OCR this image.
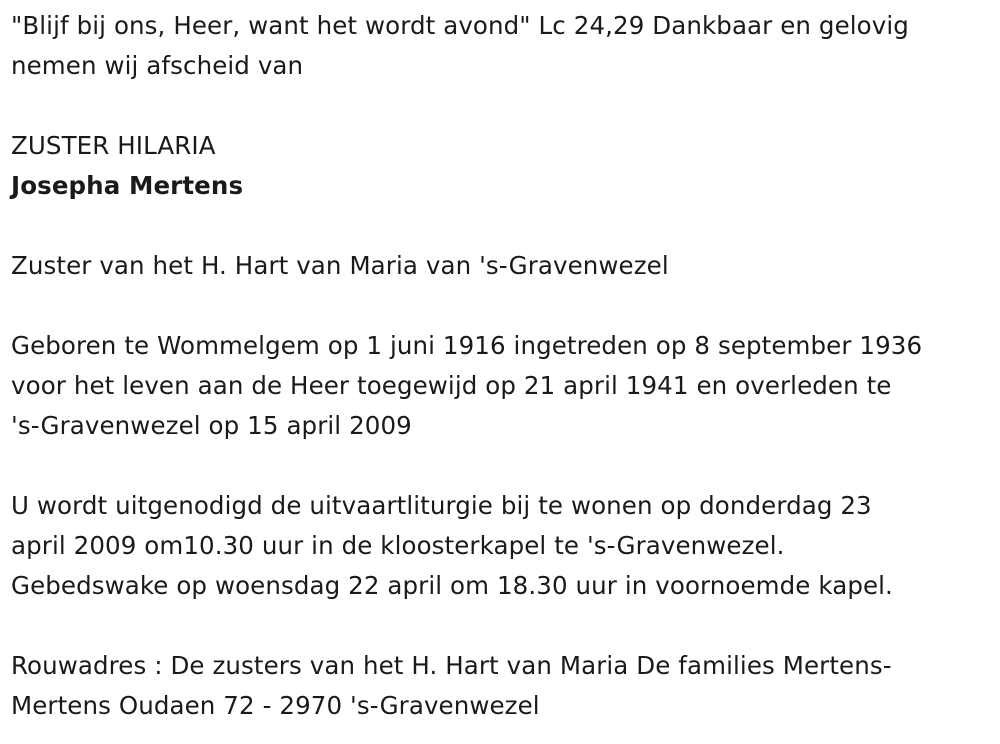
"Blijf bij ons, Heer, want het wordt avond" Lc 24,29 Dankbaar en gelovig

nemen wij afscheid van

ZUSTER HILARIA

Josepha Mertens

Zuster van het H. Hart van Maria van 's-Gravenwezel

Geboren te Wommelgem op 1 juni 1916 ingetreden op 8 september 1936

voor het leven aan de Heer toegewijd op 21 april 1941 en overleden te

's-Gravenwezel op 15 april 2009

U wordt uitgenodigd de uitvaartliturgie bij te wonen op donderdag 23

april 2009 om10.30 uur in de kloosterkapel te 's-Gravenwezel.

Gebedswake op woensdag 22 april om 18.30 uur in voornoemde kapel.

Rouwadres : De zusters van het H. Hart van Maria De families Mertens-

Mertens Oudaen 72 - 2970 's-Gravenwezel
